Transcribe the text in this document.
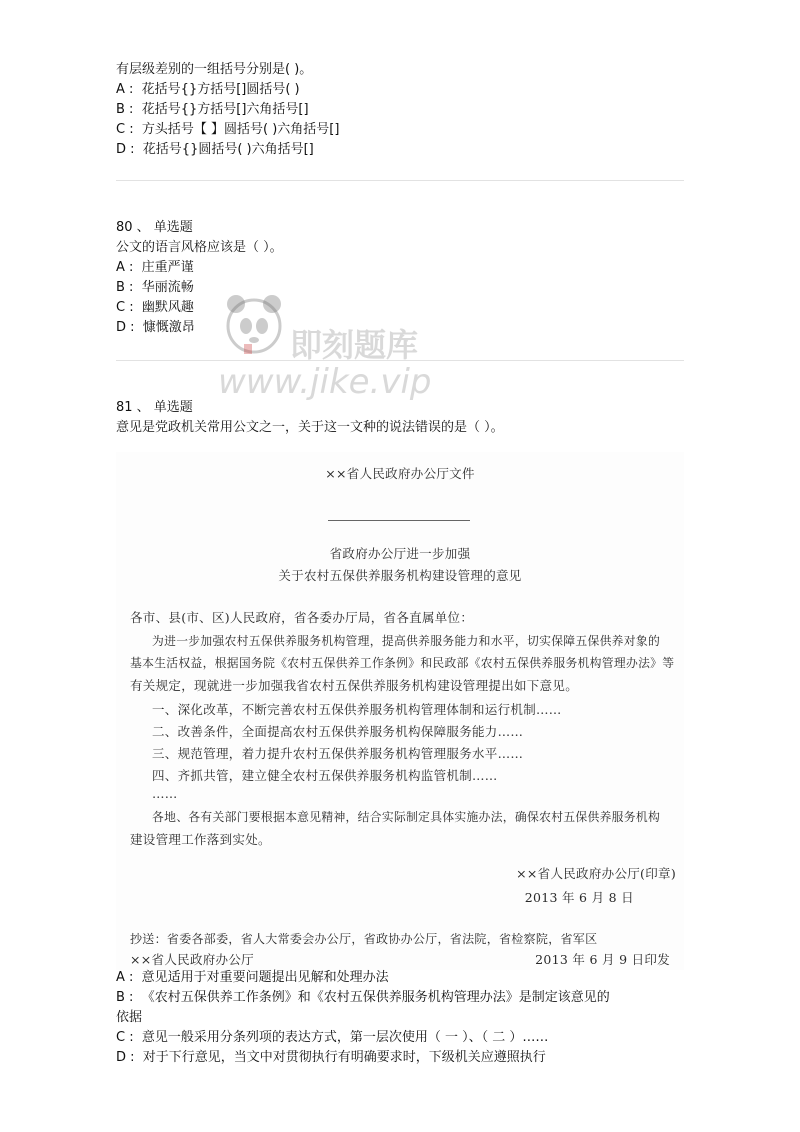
有层级差别的一组括号分别是( )。
A : 花括号{}方括号[]圆括号( )
B : 花括号{}方括号[]六角括号[]
C : 方头括号【 】圆括号( )六角括号[]
D : 花括号{}圆括号( )六角括号[]
80 、 单选题
公文的语言风格应该是（ ）。
A : 庄重严谨
B : 华丽流畅
C : 幽默风趣
D : 慷慨激昂
81 、 单选题
意见是党政机关常用公文之一，关于这一文种的说法错误的是（ ）。
××省人民政府办公厅文件
省政府办公厅进一步加强
关于农村五保供养服务机构建设管理的意见
各市、县(市、区)人民政府，省各委办厅局，省各直属单位：
为进一步加强农村五保供养服务机构管理，提高供养服务能力和水平，切实保障五保供养对象的
基本生活权益，根据国务院《农村五保供养工作条例》和民政部《农村五保供养服务机构管理办法》等
有关规定，现就进一步加强我省农村五保供养服务机构建设管理提出如下意见。
一、深化改革，不断完善农村五保供养服务机构管理体制和运行机制……
二、改善条件，全面提高农村五保供养服务机构保障服务能力……
三、规范管理，着力提升农村五保供养服务机构管理服务水平……
四、齐抓共管，建立健全农村五保供养服务机构监管机制……
……
各地、各有关部门要根据本意见精神，结合实际制定具体实施办法，确保农村五保供养服务机构
建设管理工作落到实处。
××省人民政府办公厅(印章)
2013 年 6 月 8 日
抄送：省委各部委，省人大常委会办公厅，省政协办公厅，省法院，省检察院，省军区
××省人民政府办公厅	2013 年 6 月 9 日印发
A : 意见适用于对重要问题提出见解和处理办法
B : 《农村五保供养工作条例》和《农村五保供养服务机构管理办法》是制定该意见的
依据
C : 意见一般采用分条列项的表达方式，第一层次使用（ 一 ）、（ 二 ）……
D : 对于下行意见，当文中对贯彻执行有明确要求时，下级机关应遵照执行
即刻题库
www.jike.vip
